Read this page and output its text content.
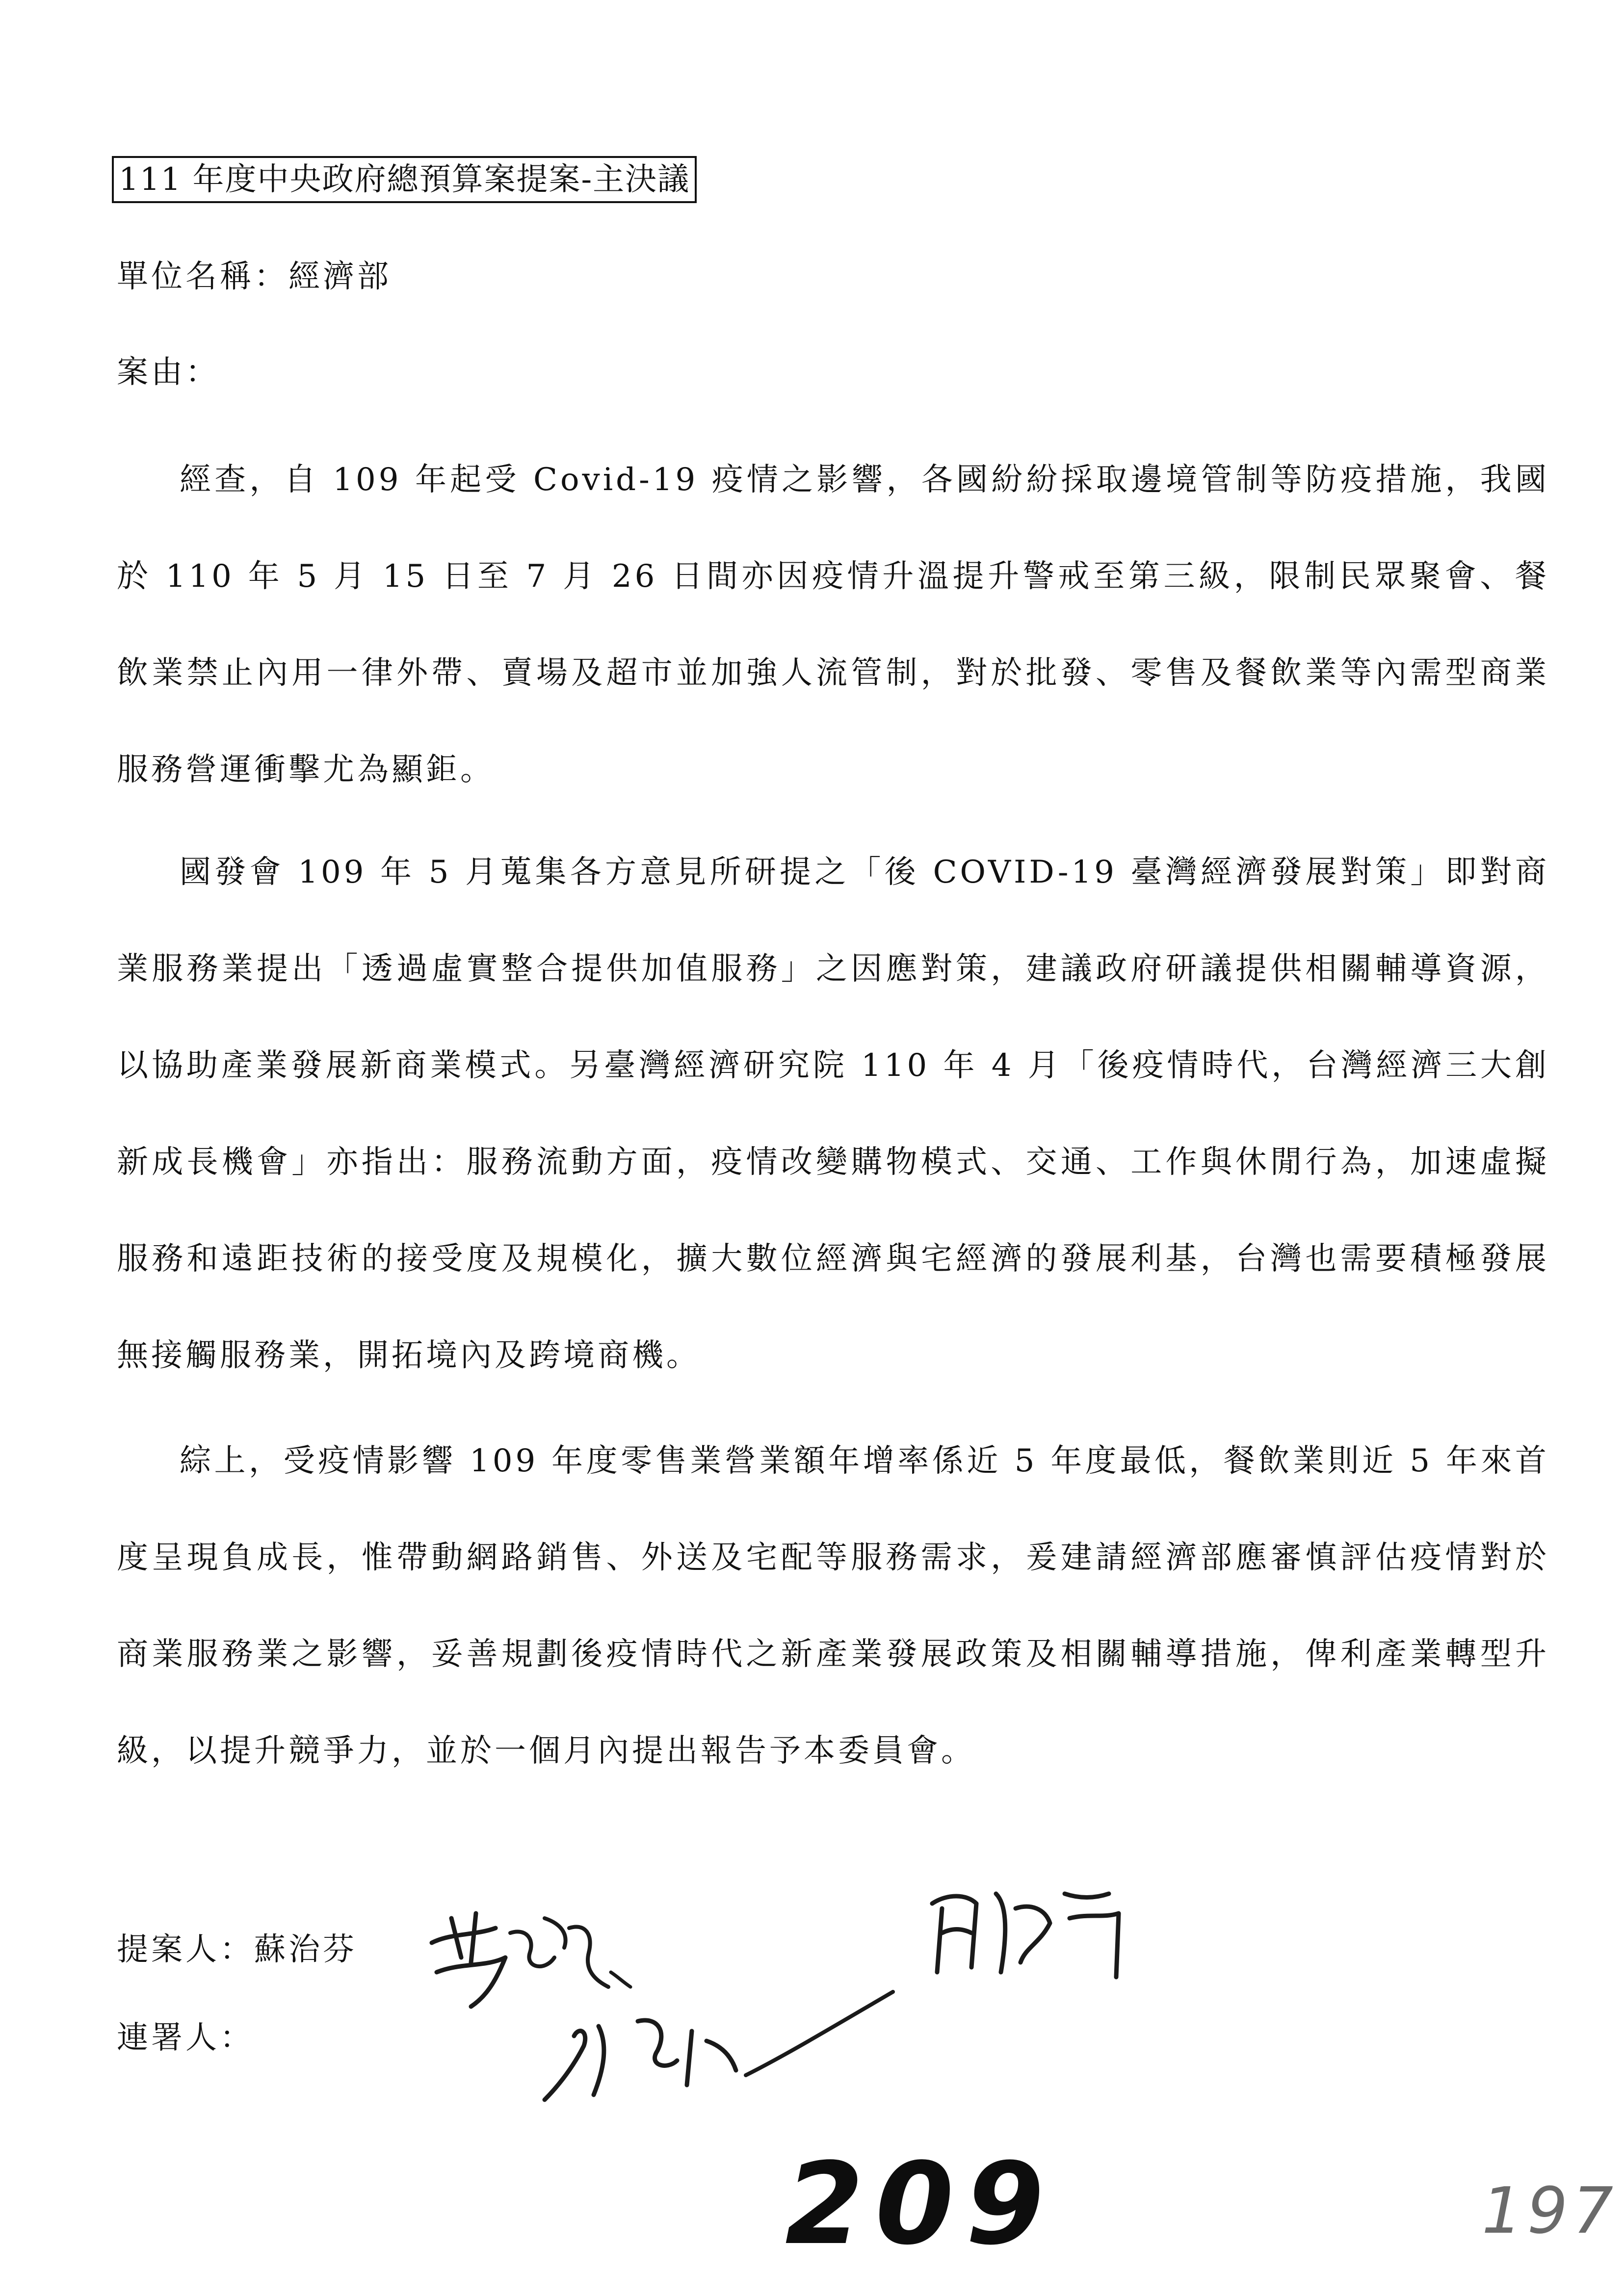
111 年度中央政府總預算案提案-主決議
單位名稱：經濟部
案由：

經查，自 109 年起受 Covid-19 疫情之影響，各國紛紛採取邊境管制等防疫措施，我國於 110 年 5 月 15 日至 7 月 26 日間亦因疫情升溫提升警戒至第三級，限制民眾聚會、餐飲業禁止內用一律外帶、賣場及超市並加強人流管制，對於批發、零售及餐飲業等內需型商業服務營運衝擊尤為顯鉅。

國發會 109 年 5 月蒐集各方意見所研提之「後 COVID-19 臺灣經濟發展對策」即對商業服務業提出「透過虛實整合提供加值服務」之因應對策，建議政府研議提供相關輔導資源，以協助產業發展新商業模式。另臺灣經濟研究院 110 年 4 月「後疫情時代，台灣經濟三大創新成長機會」亦指出：服務流動方面，疫情改變購物模式、交通、工作與休閒行為，加速虛擬服務和遠距技術的接受度及規模化，擴大數位經濟與宅經濟的發展利基，台灣也需要積極發展無接觸服務業，開拓境內及跨境商機。

綜上，受疫情影響 109 年度零售業營業額年增率係近 5 年度最低，餐飲業則近 5 年來首度呈現負成長，惟帶動網路銷售、外送及宅配等服務需求，爰建請經濟部應審慎評估疫情對於商業服務業之影響，妥善規劃後疫情時代之新產業發展政策及相關輔導措施，俾利產業轉型升級，以提升競爭力，並於一個月內提出報告予本委員會。

提案人：蘇治芬
連署人：
209	197
